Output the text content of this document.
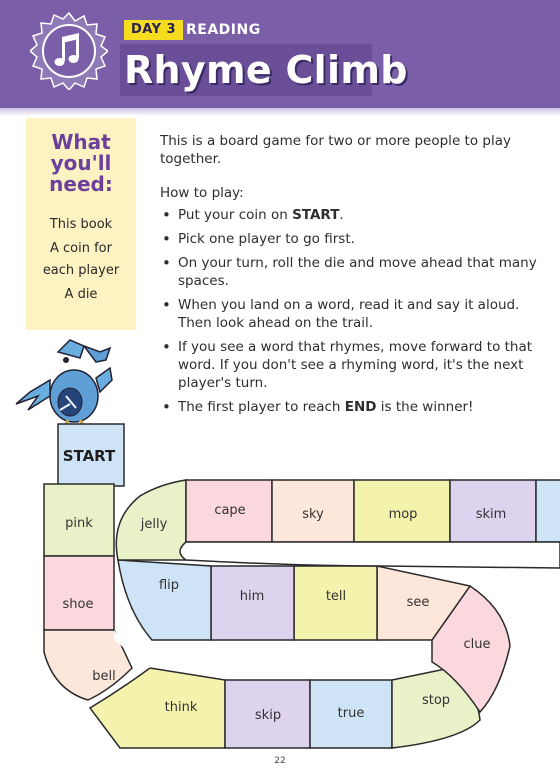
DAY 3 READING
Rhyme Climb
What
you'll
need:
This book
A coin for
each player
A die
This is a board game for two or more people to play together.
How to play:
• Put your coin on START.
• Pick one player to go first.
• On your turn, roll the die and move ahead that many spaces.
• When you land on a word, read it and say it aloud. Then look ahead on the trail.
• If you see a word that rhymes, move forward to that word. If you don't see a rhyming word, it's the next player's turn.
• The first player to reach END is the winner!
START
pink
shoe
bell
think
skip	true
stop
clue
see
tell
him
flip
jelly
cape	sky	mop	skim
22
